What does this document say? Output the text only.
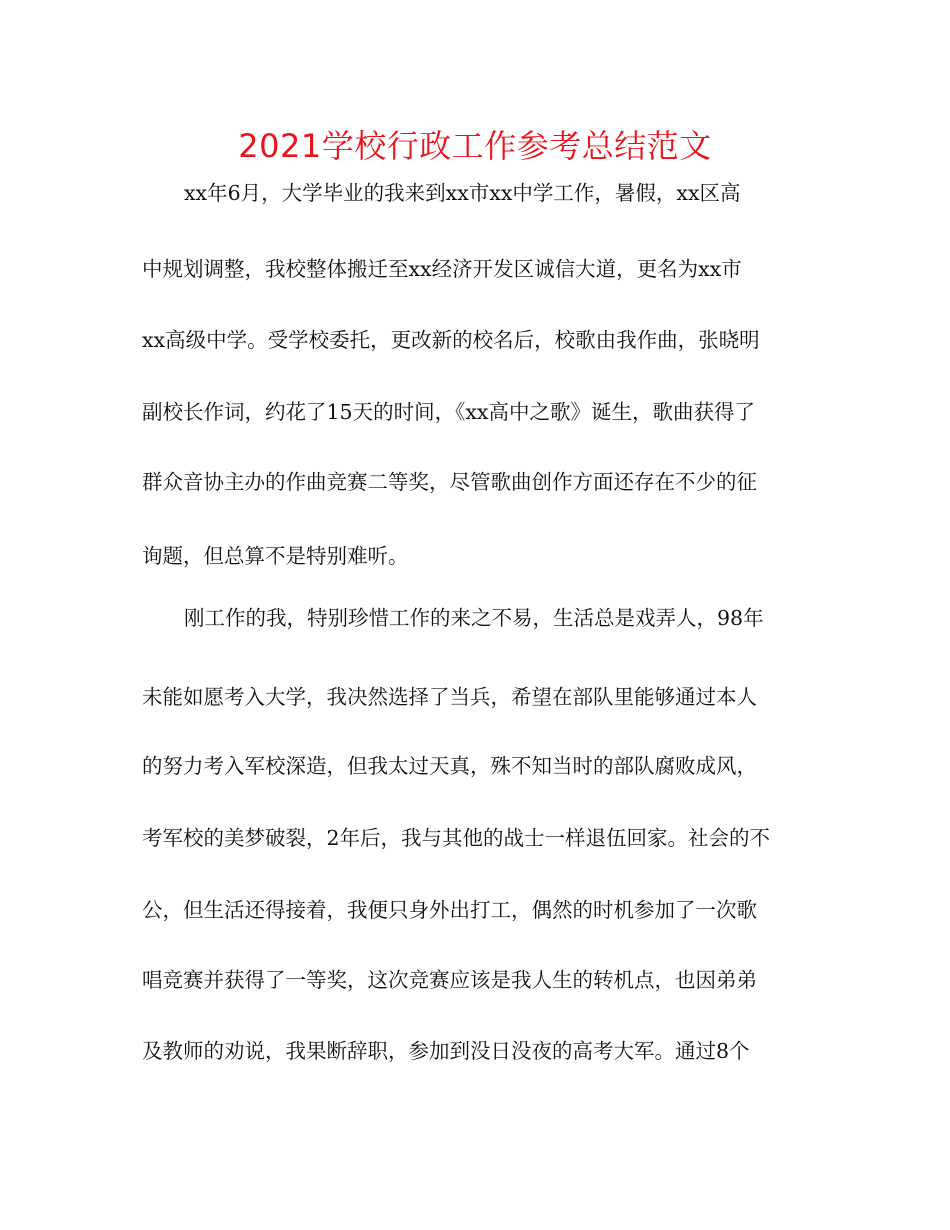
2021学校行政工作参考总结范文
xx年6月，大学毕业的我来到xx市xx中学工作，暑假，xx区高
中规划调整，我校整体搬迁至xx经济开发区诚信大道，更名为xx市
xx高级中学。受学校委托，更改新的校名后，校歌由我作曲，张晓明
副校长作词，约花了15天的时间，《xx高中之歌》诞生，歌曲获得了
群众音协主办的作曲竞赛二等奖，尽管歌曲创作方面还存在不少的征
询题，但总算不是特别难听。
刚工作的我，特别珍惜工作的来之不易，生活总是戏弄人，98年
未能如愿考入大学，我决然选择了当兵，希望在部队里能够通过本人
的努力考入军校深造，但我太过天真，殊不知当时的部队腐败成风，
考军校的美梦破裂，2年后，我与其他的战士一样退伍回家。社会的不
公，但生活还得接着，我便只身外出打工，偶然的时机参加了一次歌
唱竞赛并获得了一等奖，这次竞赛应该是我人生的转机点，也因弟弟
及教师的劝说，我果断辞职，参加到没日没夜的高考大军。通过8个
